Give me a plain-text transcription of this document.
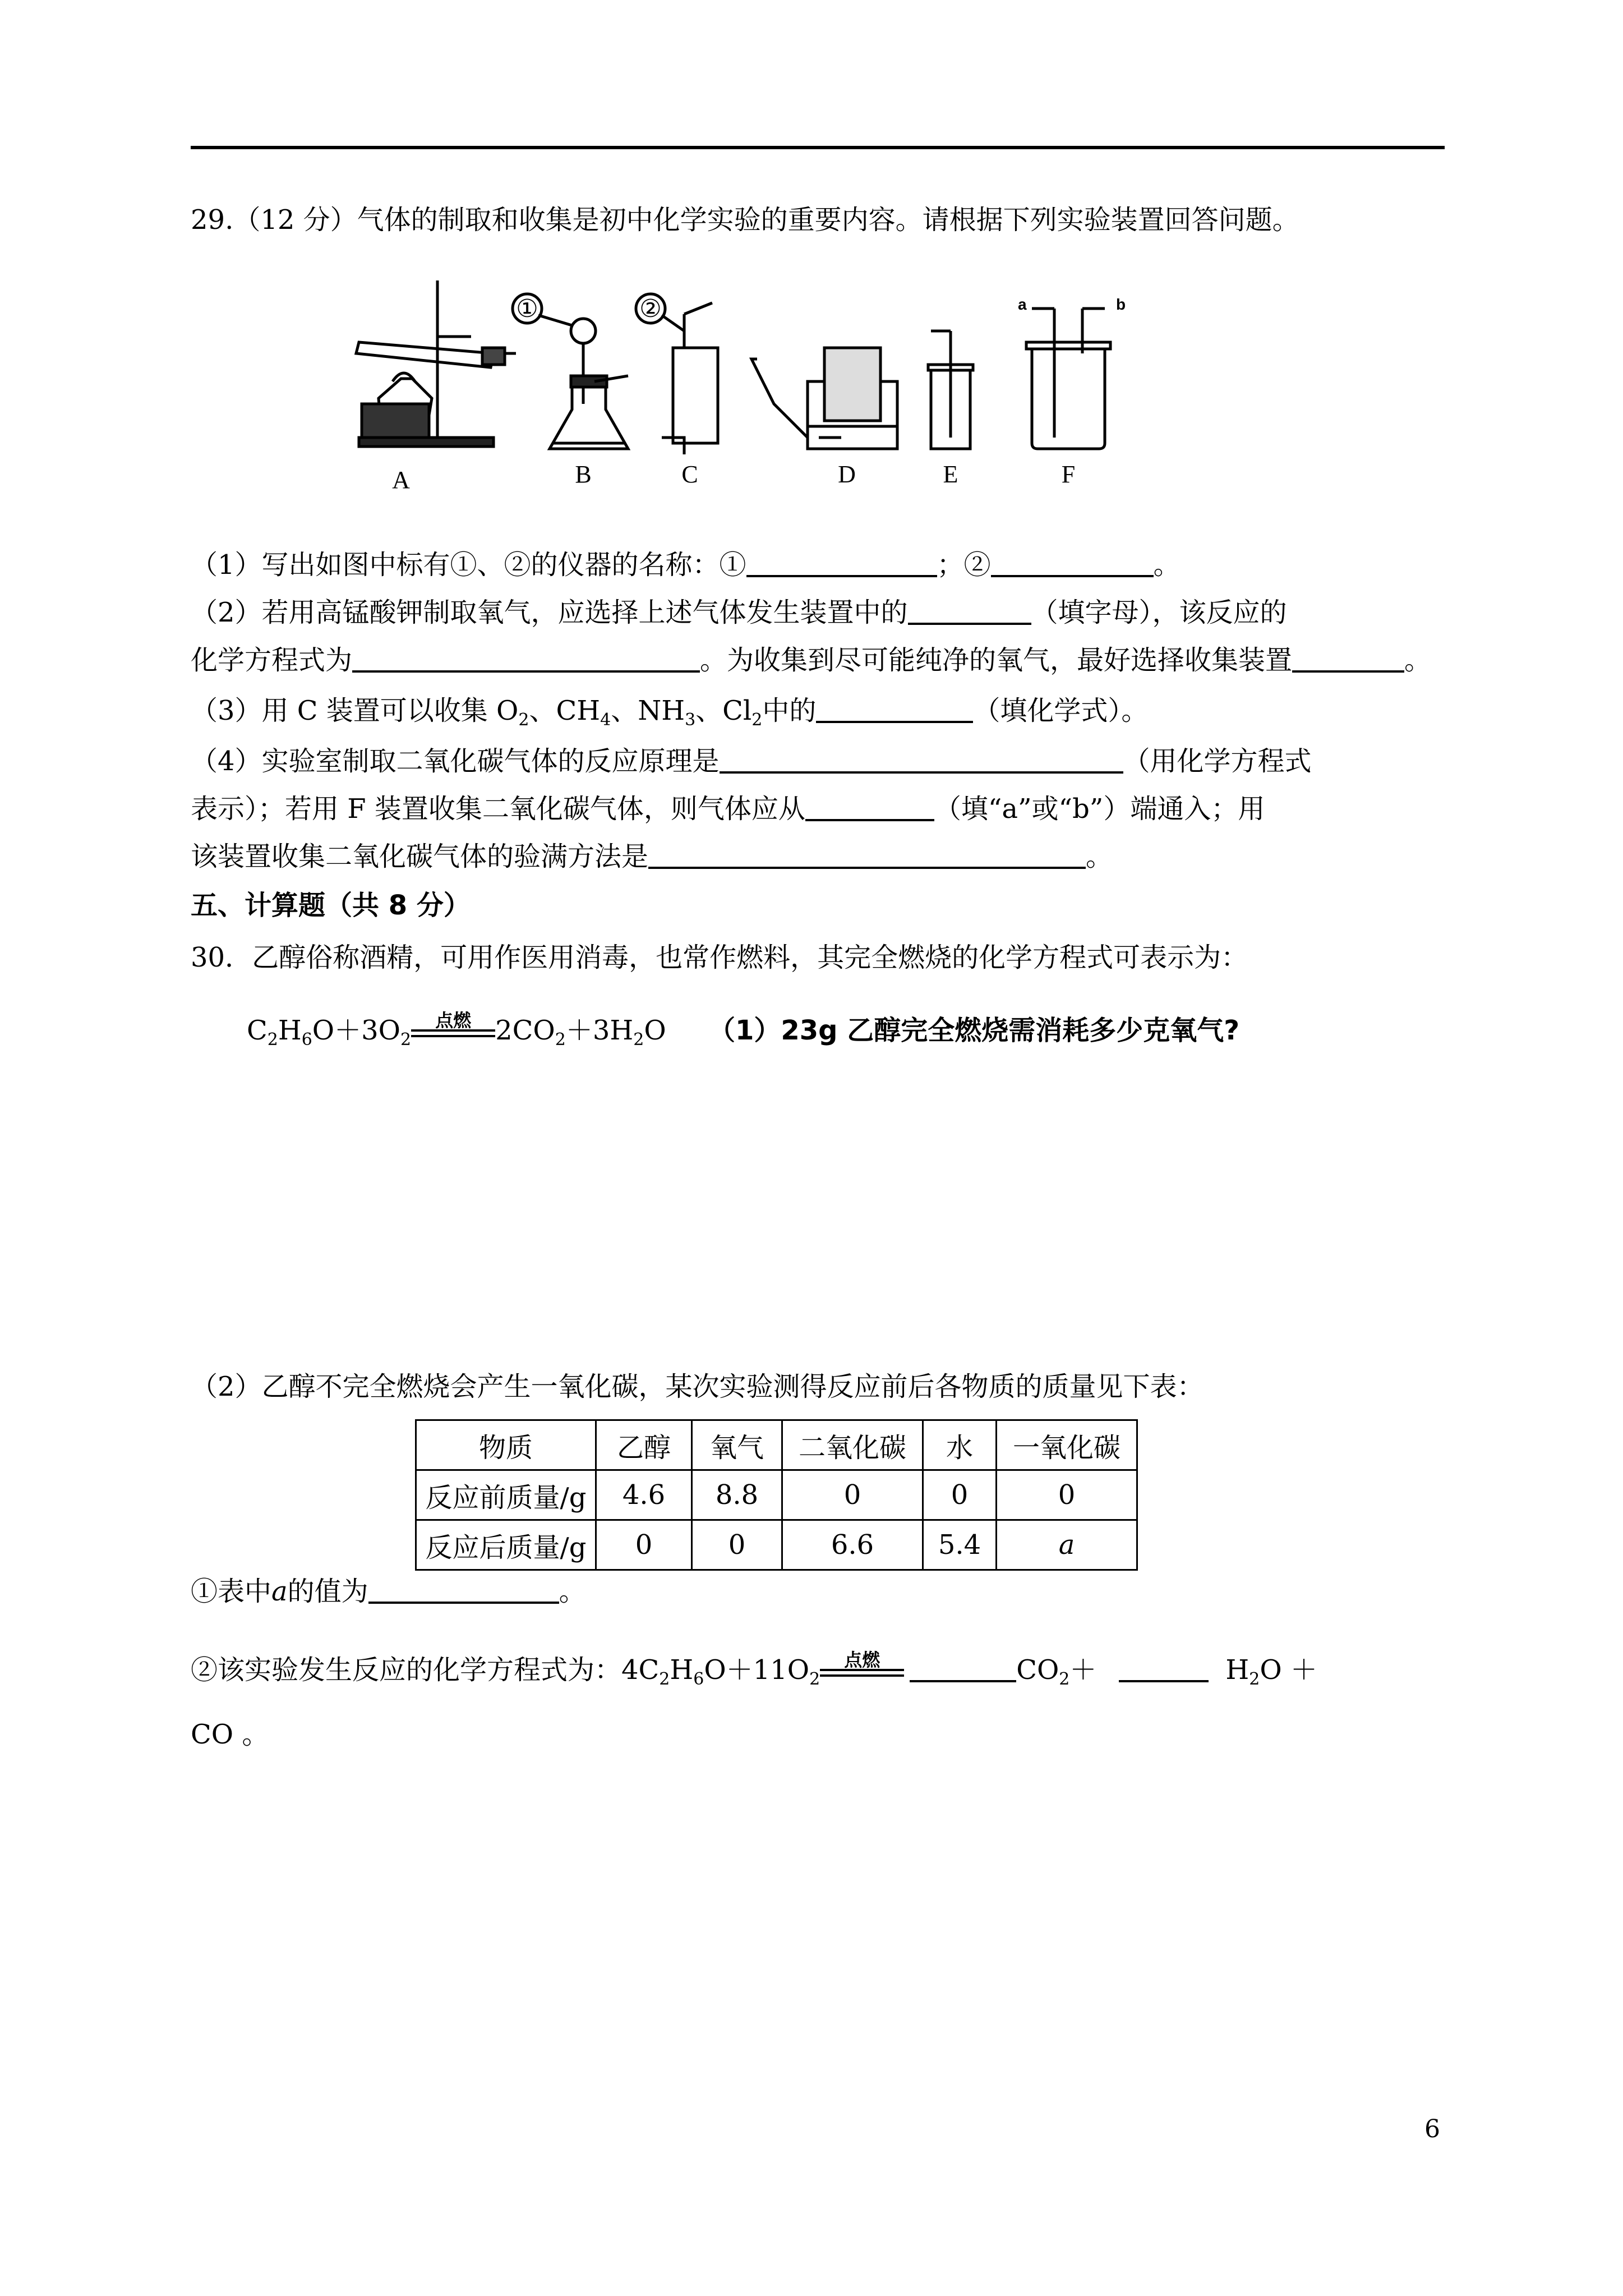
29.（12 分）气体的制取和收集是初中化学实验的重要内容。请根据下列实验装置回答问题。
①	②
A	B	C	D	E	F
a	b
（1）写出如图中标有①、②的仪器的名称：①	；②	。
（2）若用高锰酸钾制取氧气，应选择上述气体发生装置中的	（填字母），该反应的
化学方程式为	。为收集到尽可能纯净的氧气，最好选择收集装置	。
（3）用 C 装置可以收集 $O_2$、$CH_4$、$NH_3$、$Cl_2$中的	（填化学式）。
（4）实验室制取二氧化碳气体的反应原理是	（用化学方程式
表示）；若用 F 装置收集二氧化碳气体，则气体应从	（填“a”或“b”）端通入；用
该装置收集二氧化碳气体的验满方法是	。
五、计算题（共 8 分）
30．乙醇俗称酒精，可用作医用消毒，也常作燃料，其完全燃烧的化学方程式可表示为：
$C_2H_6O+3O_2$
点燃 $2CO_2+3H_2O$ （1）23g 乙醇完全燃烧需消耗多少克氧气?
（2）乙醇不完全燃烧会产生一氧化碳，某次实验测得反应前后各物质的质量见下表：
物质	乙醇	氧气	二氧化碳	水	一氧化碳
反应前质量/g	4.6	8.8	0	0	0
反应后质量/g	0	0	6.6	5.4	a
①表中a的值为	。
②该实验发生反应的化学方程式为：$4C_2H_6O+11O_2$
点燃	$CO_2+$	$H_2O$ ＋
CO 。
6
